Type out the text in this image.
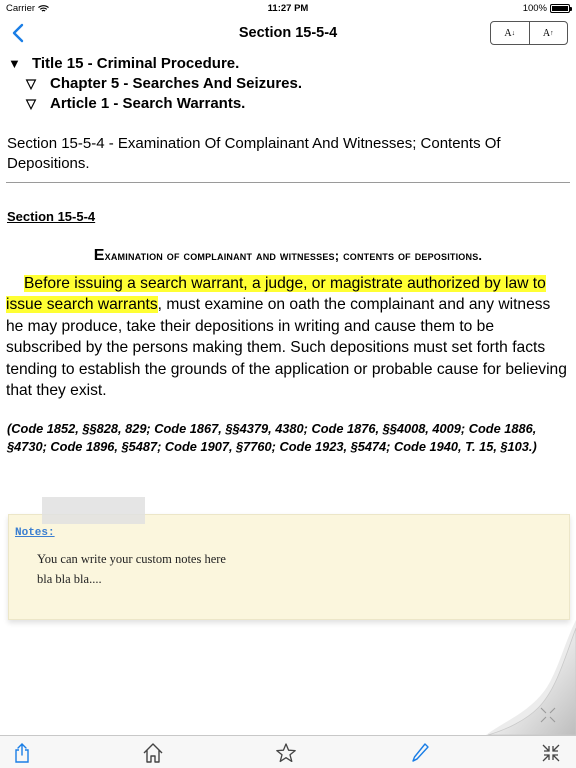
Carrier	11:27 PM	100%
Section 15-5-4	A ↓	A ↑
▼ Title 15 - Criminal Procedure.
▽ Chapter 5 - Searches And Seizures.
▽ Article 1 - Search Warrants.
Section 15-5-4 - Examination Of Complainant And Witnesses; Contents Of Depositions.
Section 15-5-4
Examination of complainant and witnesses; contents of depositions.
Before issuing a search warrant, a judge, or magistrate authorized by law to issue search warrants, must examine on oath the complainant and any witness he may produce, take their depositions in writing and cause them to be subscribed by the persons making them. Such depositions must set forth facts tending to establish the grounds of the application or probable cause for believing that they exist.
(Code 1852, §§828, 829; Code 1867, §§4379, 4380; Code 1876, §§4008, 4009; Code 1886, §4730; Code 1896, §5487; Code 1907, §7760; Code 1923, §5474; Code 1940, T. 15, §103.)
Notes:
You can write your custom notes here
bla bla bla....
